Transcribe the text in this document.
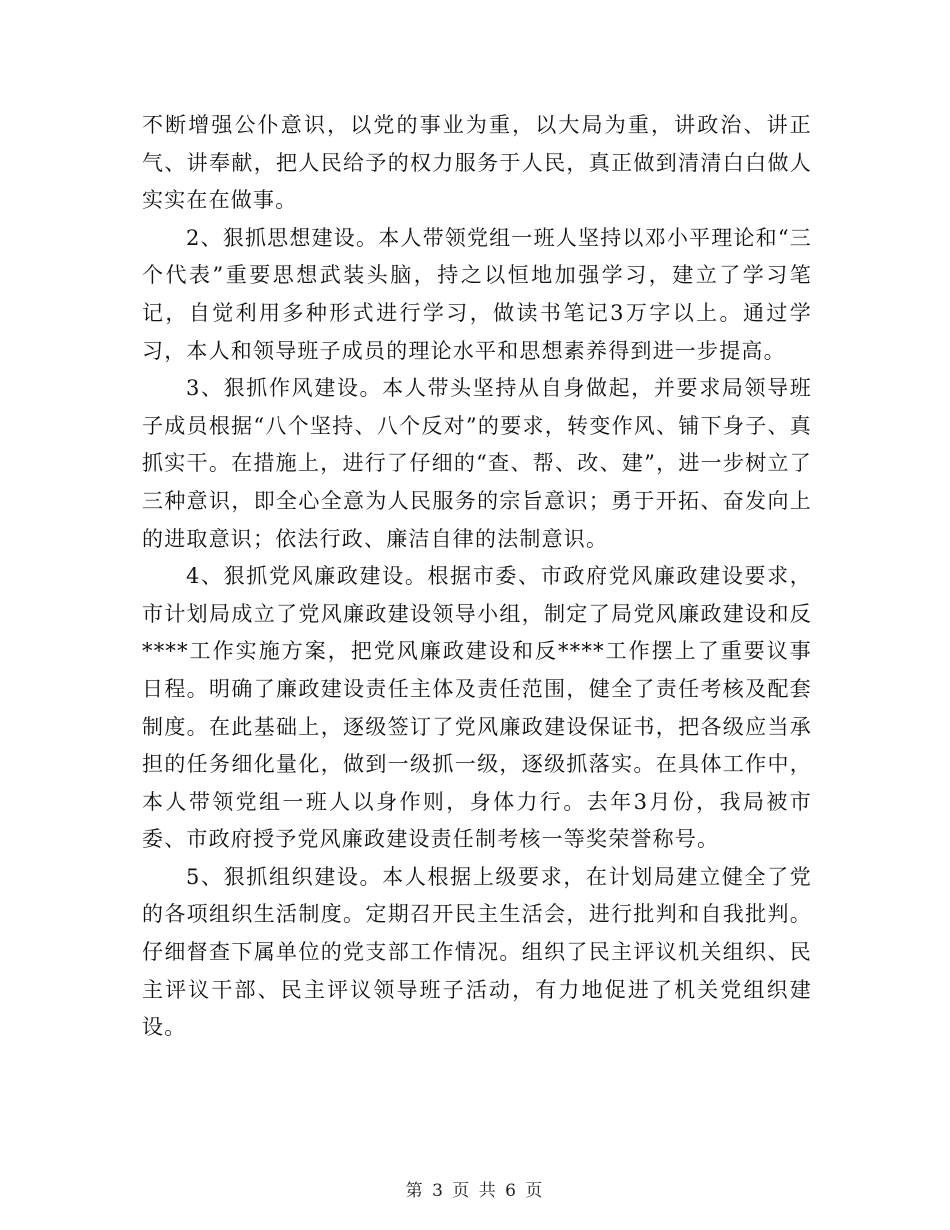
不断增强公仆意识，以党的事业为重，以大局为重，讲政治、讲正气、讲奉献，把人民给予的权力服务于人民，真正做到清清白白做人实实在在做事。

2、狠抓思想建设。本人带领党组一班人坚持以邓小平理论和“三个代表”重要思想武装头脑，持之以恒地加强学习，建立了学习笔记，自觉利用多种形式进行学习，做读书笔记3万字以上。通过学习，本人和领导班子成员的理论水平和思想素养得到进一步提高。

3、狠抓作风建设。本人带头坚持从自身做起，并要求局领导班子成员根据“八个坚持、八个反对”的要求，转变作风、铺下身子、真抓实干。在措施上，进行了仔细的“查、帮、改、建”，进一步树立了三种意识，即全心全意为人民服务的宗旨意识；勇于开拓、奋发向上的进取意识；依法行政、廉洁自律的法制意识。

4、狠抓党风廉政建设。根据市委、市政府党风廉政建设要求，市计划局成立了党风廉政建设领导小组，制定了局党风廉政建设和反****工作实施方案，把党风廉政建设和反****工作摆上了重要议事日程。明确了廉政建设责任主体及责任范围，健全了责任考核及配套制度。在此基础上，逐级签订了党风廉政建设保证书，把各级应当承担的任务细化量化，做到一级抓一级，逐级抓落实。在具体工作中，本人带领党组一班人以身作则，身体力行。去年3月份，我局被市委、市政府授予党风廉政建设责任制考核一等奖荣誉称号。

5、狠抓组织建设。本人根据上级要求，在计划局建立健全了党的各项组织生活制度。定期召开民主生活会，进行批判和自我批判。仔细督查下属单位的党支部工作情况。组织了民主评议机关组织、民主评议干部、民主评议领导班子活动，有力地促进了机关党组织建设。

第 3 页 共 6 页
